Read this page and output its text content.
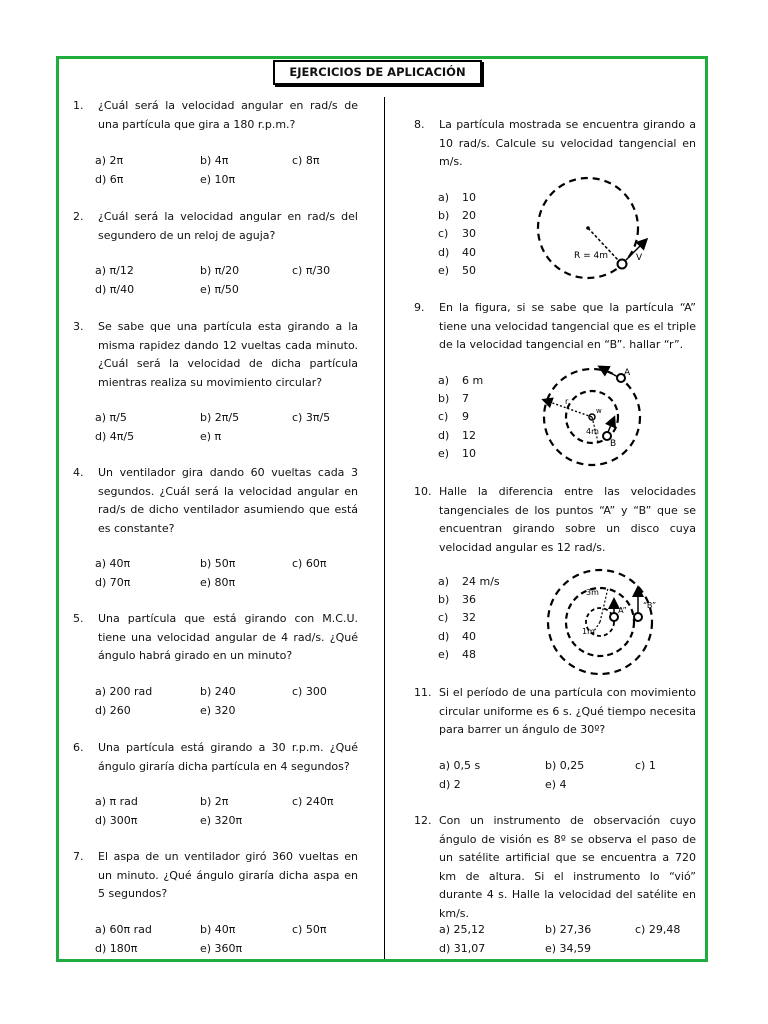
EJERCICIOS DE APLICACIÓN
1. ¿Cuál será la velocidad angular en rad/s de una partícula que gira a 180 r.p.m.?
a) 2π	b) 4π	c) 8π
d) 6π	e) 10π
2. ¿Cuál será la velocidad angular en rad/s del segundero de un reloj de aguja?
a) π/12	b) π/20	c) π/30
d) π/40	e) π/50
3. Se sabe que una partícula esta girando a la misma rapidez dando 12 vueltas cada minuto. ¿Cuál será la velocidad de dicha partícula mientras realiza su movimiento circular?
a) π/5	b) 2π/5	c) 3π/5
d) 4π/5	e) π
4. Un ventilador gira dando 60 vueltas cada 3 segundos. ¿Cuál será la velocidad angular en rad/s de dicho ventilador asumiendo que está es constante?
a) 40π	b) 50π	c) 60π
d) 70π	e) 80π
5. Una partícula que está girando con M.C.U. tiene una velocidad angular de 4 rad/s. ¿Qué ángulo habrá girado en un minuto?
a) 200 rad	b) 240	c) 300
d) 260	e) 320
6. Una partícula está girando a 30 r.p.m. ¿Qué ángulo giraría dicha partícula en 4 segundos?
a) π rad	b) 2π	c) 240π
d) 300π	e) 320π
7. El aspa de un ventilador giró 360 vueltas en un minuto. ¿Qué ángulo giraría dicha aspa en 5 segundos?
a) 60π rad	b) 40π	c) 50π
d) 180π	e) 360π
8. La partícula mostrada se encuentra girando a 10 rad/s. Calcule su velocidad tangencial en m/s.
a) 10
b) 20
c) 30
d) 40
e) 50
R = 4m	V
9. En la figura, si se sabe que la partícula “A” tiene una velocidad tangencial que es el triple de la velocidad tangencial en “B”. hallar “r”.
a) 6 m
b) 7
c) 9
d) 12
e) 10
A
B
r
w
4m
10. Halle la diferencia entre las velocidades tangenciales de los puntos “A” y “B” que se encuentran girando sobre un disco cuya velocidad angular es 12 rad/s.
a) 24 m/s
b) 36
c) 32
d) 40
e) 48
“A”
“B”
3m
1m
11. Si el período de una partícula con movimiento circular uniforme es 6 s. ¿Qué tiempo necesita para barrer un ángulo de 30º?
a) 0,5 s	b) 0,25	c) 1
d) 2	e) 4
12. Con un instrumento de observación cuyo ángulo de visión es 8º se observa el paso de un satélite artificial que se encuentra a 720 km de altura. Si el instrumento lo “vió” durante 4 s. Halle la velocidad del satélite en km/s.
a) 25,12	b) 27,36	c) 29,48
d) 31,07	e) 34,59
